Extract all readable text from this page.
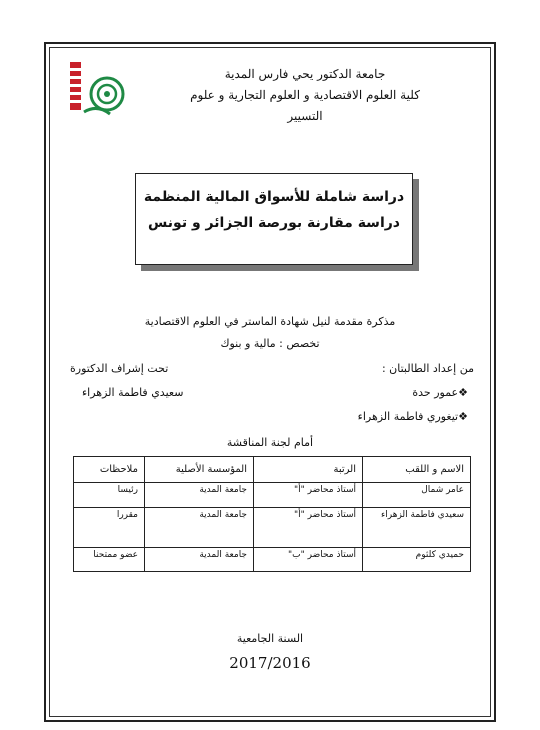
جامعة الدكتور يحي فارس المدية
كلية العلوم الاقتصادية و العلوم التجارية و علوم
التسيير
دراسة شاملة للأسواق المالية المنظمة
دراسة مقارنة بورصة الجزائر و تونس
مذكرة مقدمة لنيل شهادة الماستر في العلوم الاقتصادية
تخصص : مالية و بنوك
من إعداد الطالبتان :
تحت إشراف الدكتورة
❖عمور حدة
❖تيغوري فاطمة الزهراء
سعيدي فاطمة الزهراء
أمام لجنة المناقشة
الاسم و اللقب	الرتبة	المؤسسة الأصلية	ملاحظات
عامر شمال	أستاذ محاضر "أ"	جامعة المدية	رئيسا
سعيدي فاطمة الزهراء	أستاذ محاضر "أ"	جامعة المدية	مقررا
حميدي كلثوم	أستاذ محاضر "ب"	جامعة المدية	عضو ممتحنا
السنة الجامعية
2017/2016
